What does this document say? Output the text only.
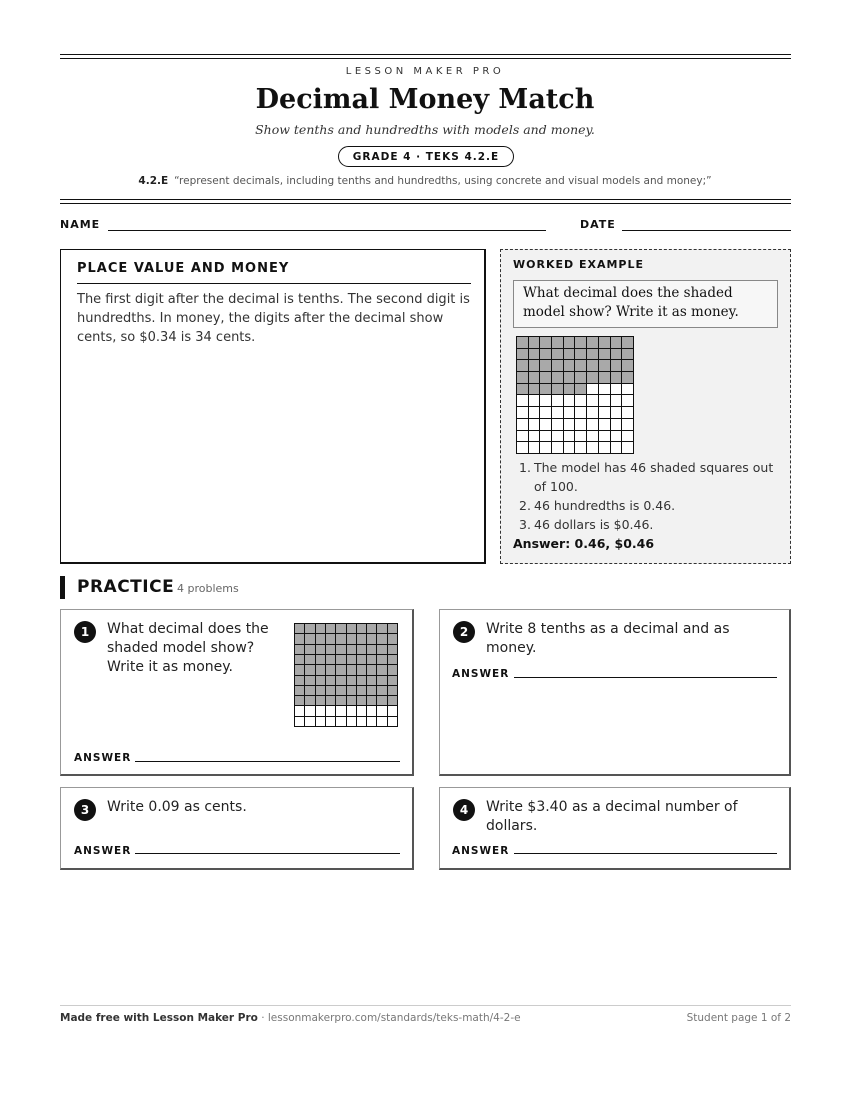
LESSON MAKER PRO
Decimal Money Match
Show tenths and hundredths with models and money.
GRADE 4 · TEKS 4.2.E
4.2.E “represent decimals, including tenths and hundredths, using concrete and visual models and money;”
NAME	DATE
PLACE VALUE AND MONEY
The first digit after the decimal is tenths. The second digit is hundredths. In money, the digits after the decimal show cents, so $0.34 is 34 cents.
WORKED EXAMPLE
What decimal does the shaded model show? Write it as money.
1. The model has 46 shaded squares out of 100.
2. 46 hundredths is 0.46.
3. 46 dollars is $0.46.
Answer: 0.46, $0.46
PRACTICE 4 problems
1	What decimal does the shaded model show? Write it as money.
ANSWER
2	Write 8 tenths as a decimal and as money.
ANSWER
3	Write 0.09 as cents.
ANSWER
4	Write $3.40 as a decimal number of dollars.
ANSWER
Made free with Lesson Maker Pro · lessonmakerpro.com/standards/teks-math/4-2-e	Student page 1 of 2
